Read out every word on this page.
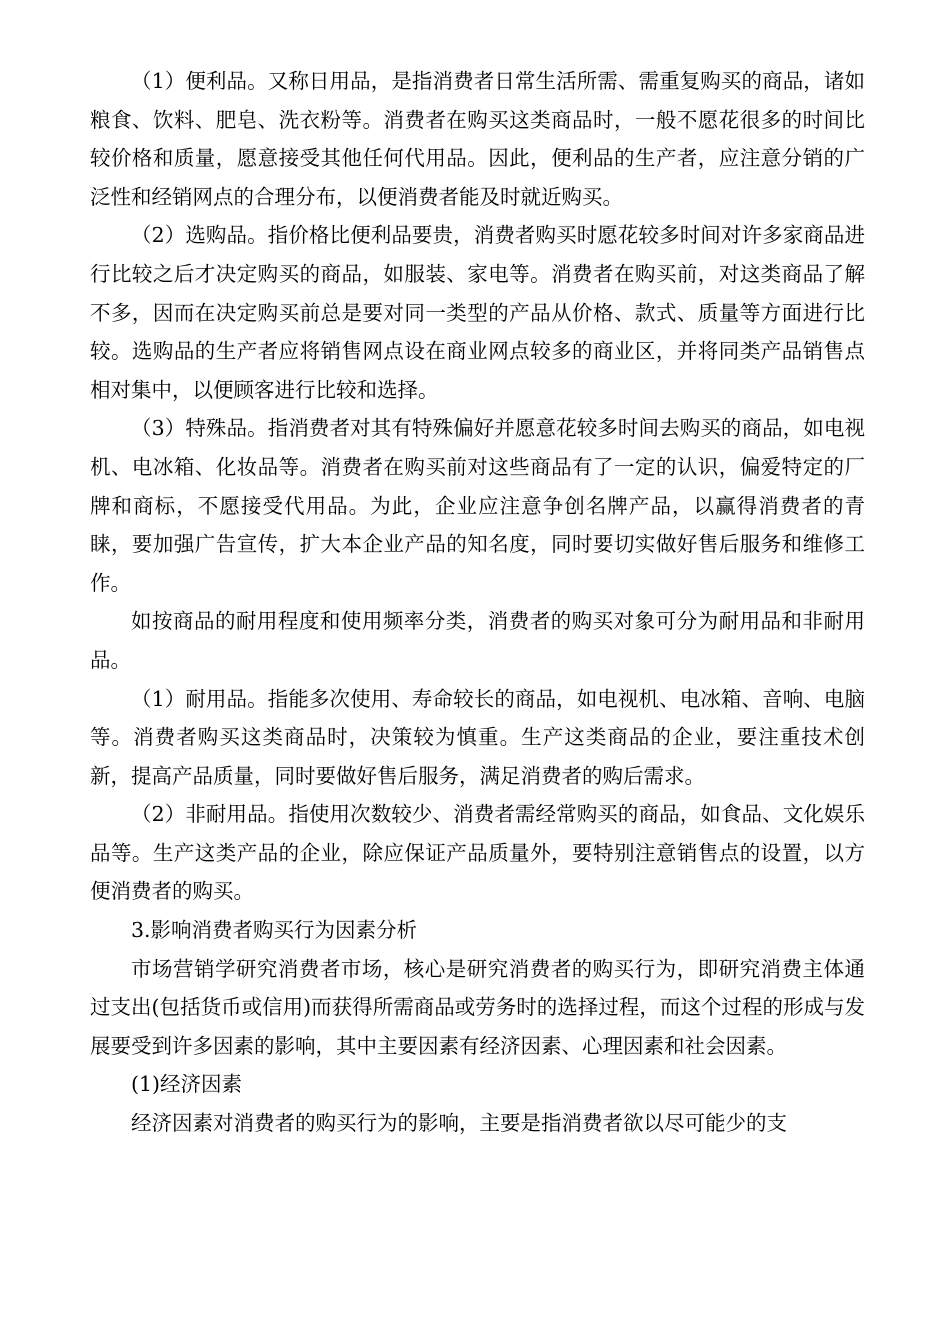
（1）便利品。又称日用品，是指消费者日常生活所需、需重复购买的商品，诸如粮食、饮料、肥皂、洗衣粉等。消费者在购买这类商品时，一般不愿花很多的时间比较价格和质量，愿意接受其他任何代用品。因此，便利品的生产者，应注意分销的广泛性和经销网点的合理分布，以便消费者能及时就近购买。

（2）选购品。指价格比便利品要贵，消费者购买时愿花较多时间对许多家商品进行比较之后才决定购买的商品，如服装、家电等。消费者在购买前，对这类商品了解不多，因而在决定购买前总是要对同一类型的产品从价格、款式、质量等方面进行比较。选购品的生产者应将销售网点设在商业网点较多的商业区，并将同类产品销售点相对集中，以便顾客进行比较和选择。

（3）特殊品。指消费者对其有特殊偏好并愿意花较多时间去购买的商品，如电视机、电冰箱、化妆品等。消费者在购买前对这些商品有了一定的认识，偏爱特定的厂牌和商标，不愿接受代用品。为此，企业应注意争创名牌产品，以赢得消费者的青睐，要加强广告宣传，扩大本企业产品的知名度，同时要切实做好售后服务和维修工作。

如按商品的耐用程度和使用频率分类，消费者的购买对象可分为耐用品和非耐用品。

（1）耐用品。指能多次使用、寿命较长的商品，如电视机、电冰箱、音响、电脑等。消费者购买这类商品时，决策较为慎重。生产这类商品的企业，要注重技术创新，提高产品质量，同时要做好售后服务，满足消费者的购后需求。

（2）非耐用品。指使用次数较少、消费者需经常购买的商品，如食品、文化娱乐品等。生产这类产品的企业，除应保证产品质量外，要特别注意销售点的设置，以方便消费者的购买。

3.影响消费者购买行为因素分析

市场营销学研究消费者市场，核心是研究消费者的购买行为，即研究消费主体通过支出(包括货币或信用)而获得所需商品或劳务时的选择过程，而这个过程的形成与发展要受到许多因素的影响，其中主要因素有经济因素、心理因素和社会因素。

(1)经济因素

经济因素对消费者的购买行为的影响，主要是指消费者欲以尽可能少的支
